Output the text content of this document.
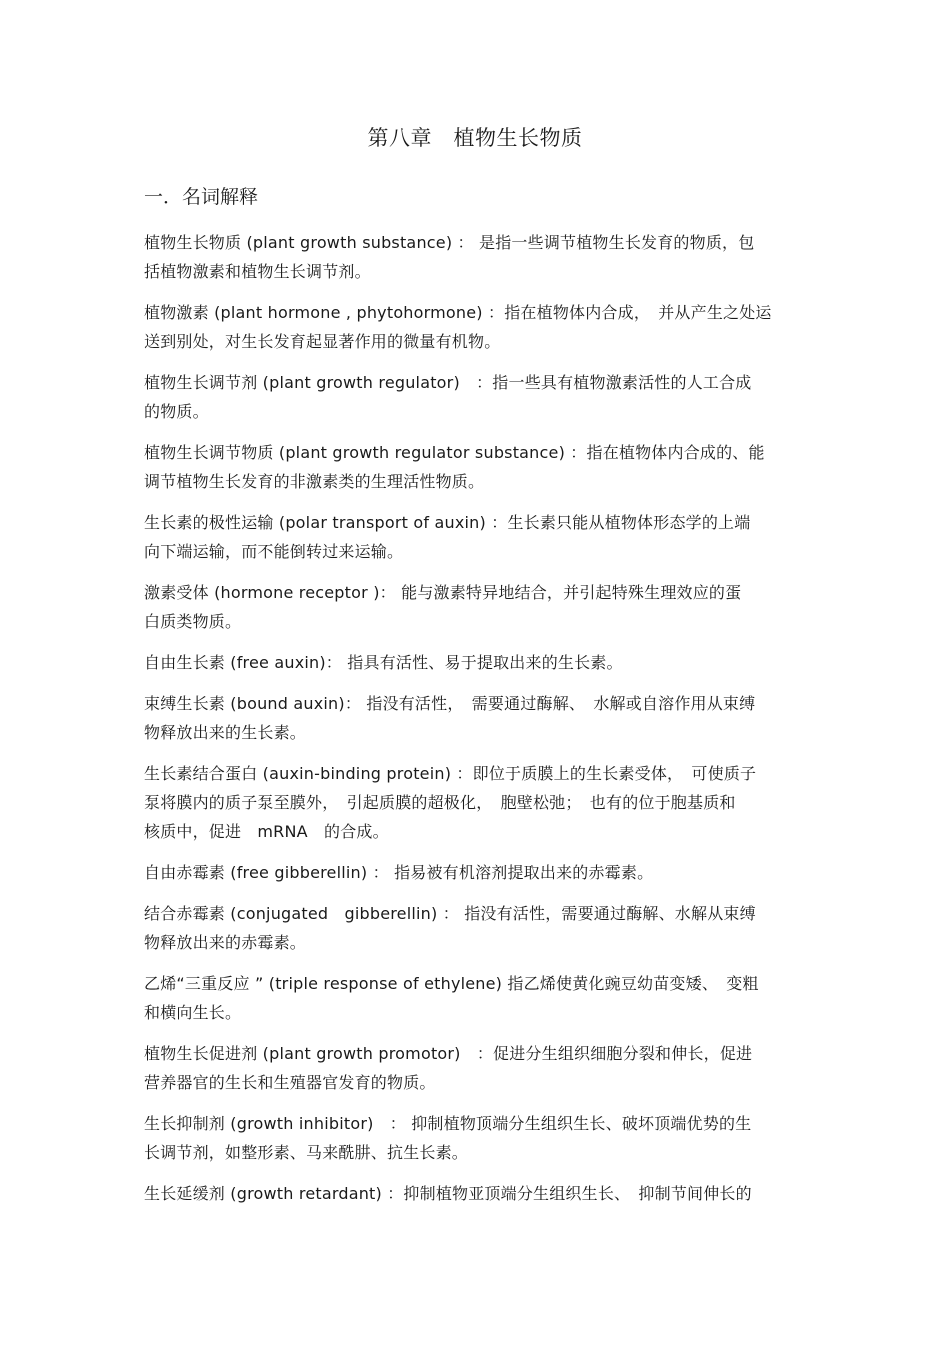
第八章　植物生长物质
一．名词解释
植物生长物质 (plant growth substance) ： 是指一些调节植物生长发育的物质，包
括植物激素和植物生长调节剂。
植物激素 (plant hormone , phytohormone) ：指在植物体内合成，　并从产生之处运
送到别处，对生长发育起显著作用的微量有机物。
植物生长调节剂 (plant growth regulator)　：指一些具有植物激素活性的人工合成
的物质。
植物生长调节物质 (plant growth regulator substance) ：指在植物体内合成的、能
调节植物生长发育的非激素类的生理活性物质。
生长素的极性运输 (polar transport of auxin) ：生长素只能从植物体形态学的上端
向下端运输，而不能倒转过来运输。
激素受体 (hormone receptor )： 能与激素特异地结合，并引起特殊生理效应的蛋
白质类物质。
自由生长素 (free auxin)： 指具有活性、易于提取出来的生长素。
束缚生长素 (bound auxin)： 指没有活性，　需要通过酶解、　水解或自溶作用从束缚
物释放出来的生长素。
生长素结合蛋白 (auxin-binding protein) ：即位于质膜上的生长素受体，　可使质子
泵将膜内的质子泵至膜外，　引起质膜的超极化，　胞壁松弛；　也有的位于胞基质和
核质中，促进　mRNA　的合成。
自由赤霉素 (free gibberellin) ： 指易被有机溶剂提取出来的赤霉素。
结合赤霉素 (conjugated　gibberellin) ： 指没有活性，需要通过酶解、水解从束缚
物释放出来的赤霉素。
乙烯“三重反应 ” (triple response of ethylene) 指乙烯使黄化豌豆幼苗变矮、　变粗
和横向生长。
植物生长促进剂 (plant growth promotor)　：促进分生组织细胞分裂和伸长，促进
营养器官的生长和生殖器官发育的物质。
生长抑制剂 (growth inhibitor)　： 抑制植物顶端分生组织生长、破坏顶端优势的生
长调节剂，如整形素、马来酰肼、抗生长素。
生长延缓剂 (growth retardant) ：抑制植物亚顶端分生组织生长、　抑制节间伸长的
